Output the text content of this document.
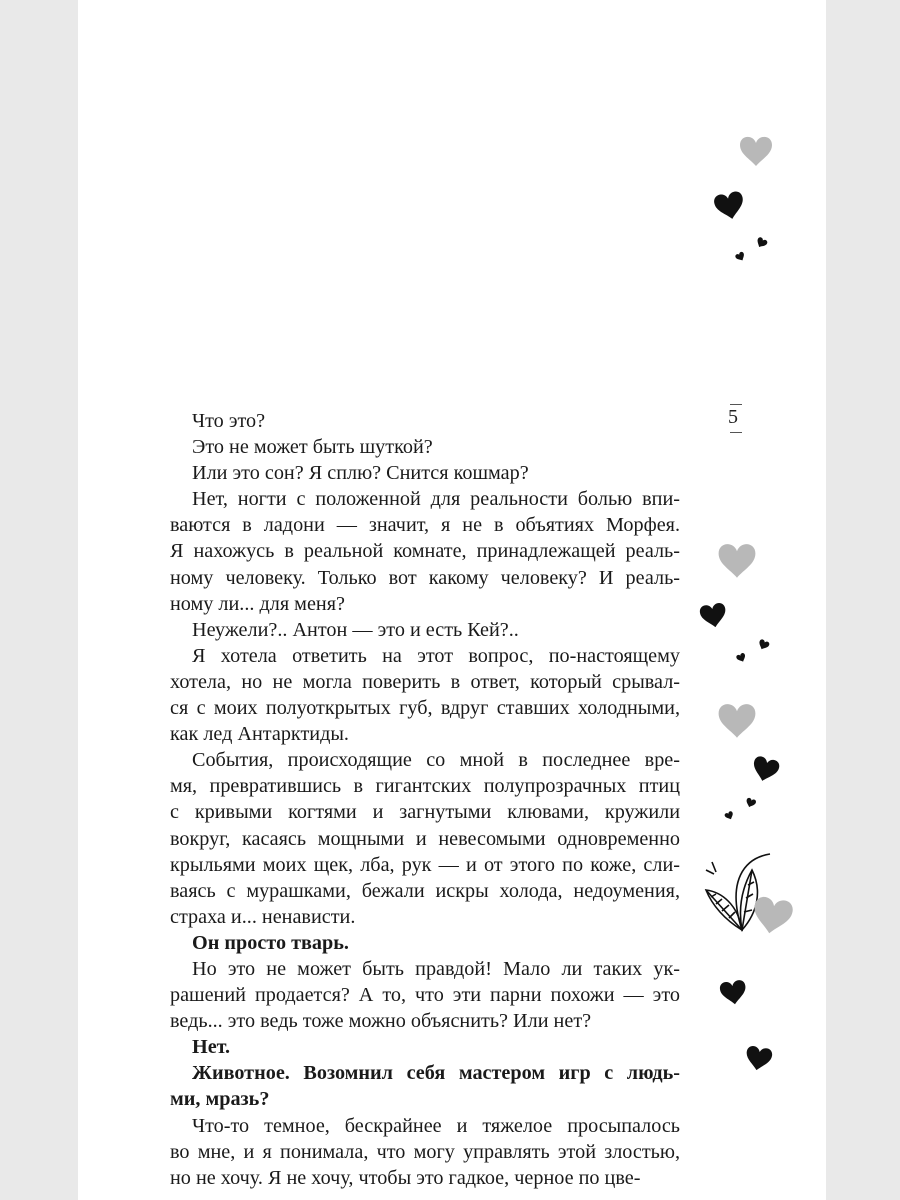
Что это?
Это не может быть шуткой?
Или это сон? Я сплю? Снится кошмар?
Нет, ногти с положенной для реальности болью впи-
ваются в ладони — значит, я не в объятиях Морфея.
Я нахожусь в реальной комнате, принадлежащей реаль-
ному человеку. Только вот какому человеку? И реаль-
ному ли... для меня?
Неужели?.. Антон — это и есть Кей?..
Я хотела ответить на этот вопрос, по-настоящему
хотела, но не могла поверить в ответ, который срывал-
ся с моих полуоткрытых губ, вдруг ставших холодными,
как лед Антарктиды.
События, происходящие со мной в последнее вре-
мя, превратившись в гигантских полупрозрачных птиц
с кривыми когтями и загнутыми клювами, кружили
вокруг, касаясь мощными и невесомыми одновременно
крыльями моих щек, лба, рук — и от этого по коже, сли-
ваясь с мурашками, бежали искры холода, недоумения,
страха и... ненависти.
Он просто тварь.
Но это не может быть правдой! Мало ли таких ук-
рашений продается? А то, что эти парни похожи — это
ведь... это ведь тоже можно объяснить? Или нет?
Нет.
Животное. Возомнил себя мастером игр с людь-
ми, мразь?
Что-то темное, бескрайнее и тяжелое просыпалось
во мне, и я понимала, что могу управлять этой злостью,
но не хочу. Я не хочу, чтобы это гадкое, черное по цве-
5
